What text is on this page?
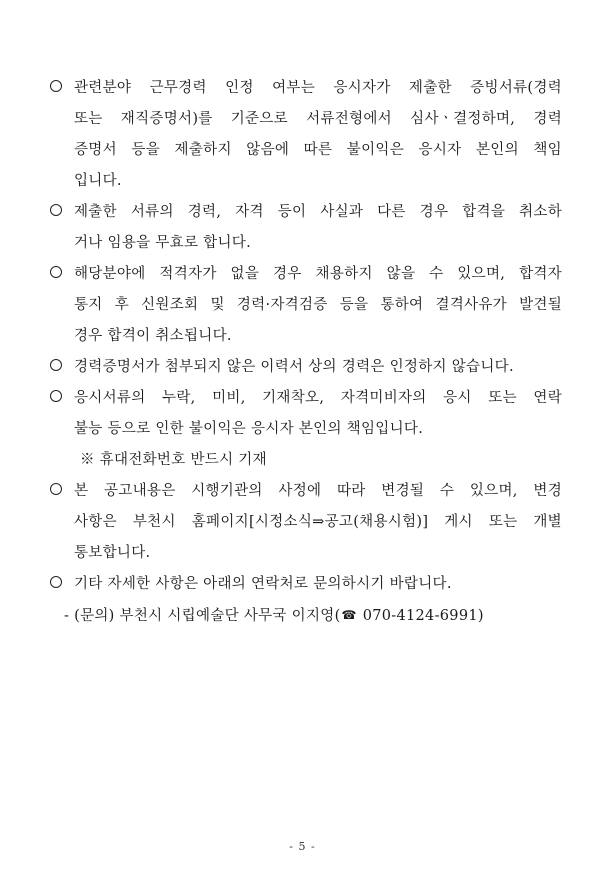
관련분야 근무경력 인정 여부는 응시자가 제출한 증빙서류(경력
또는 재직증명서)를 기준으로 서류전형에서 심사ㆍ결정하며, 경력
증명서 등을 제출하지 않음에 따른 불이익은 응시자 본인의 책임
입니다.
제출한 서류의 경력, 자격 등이 사실과 다른 경우 합격을 취소하
거나 임용을 무효로 합니다.
해당분야에 적격자가 없을 경우 채용하지 않을 수 있으며, 합격자
통지 후 신원조회 및 경력·자격검증 등을 통하여 결격사유가 발견될
경우 합격이 취소됩니다.
경력증명서가 첨부되지 않은 이력서 상의 경력은 인정하지 않습니다.
응시서류의 누락, 미비, 기재착오, 자격미비자의 응시 또는 연락
불능 등으로 인한 불이익은 응시자 본인의 책임입니다.
※ 휴대전화번호 반드시 기재
본 공고내용은 시행기관의 사정에 따라 변경될 수 있으며, 변경
사항은 부천시 홈페이지[시정소식⇒공고(채용시험)] 게시 또는 개별
통보합니다.
기타 자세한 사항은 아래의 연락처로 문의하시기 바랍니다.
- (문의) 부천시 시립예술단 사무국 이지영(☎ 070-4124-6991)
- 5 -
